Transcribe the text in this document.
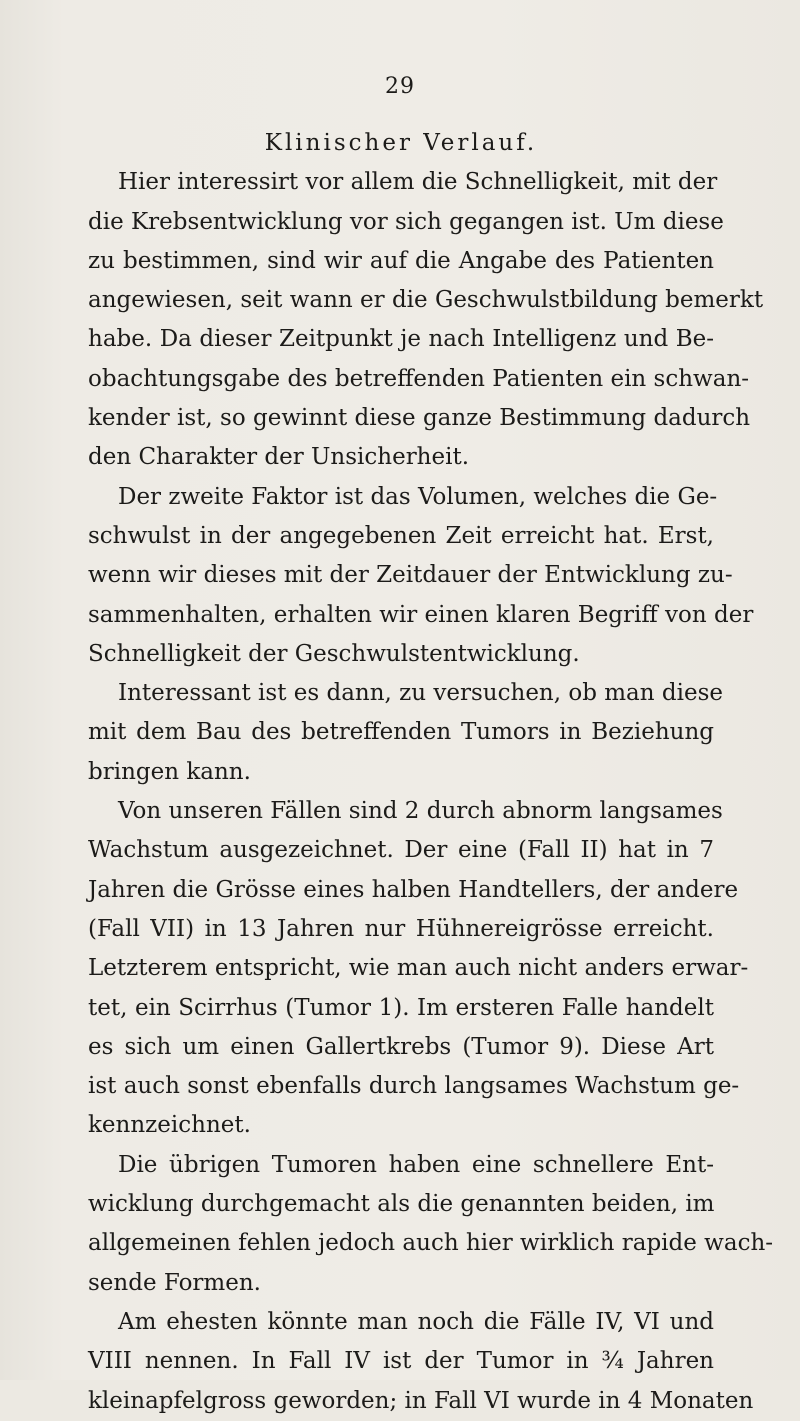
29
Klinischer Verlauf.
Hier interessirt vor allem die Schnelligkeit, mit der
die Krebsentwicklung vor sich gegangen ist. Um diese
zu bestimmen, sind wir auf die Angabe des Patienten
angewiesen, seit wann er die Geschwulstbildung bemerkt
habe. Da dieser Zeitpunkt je nach Intelligenz und Be-
obachtungsgabe des betreffenden Patienten ein schwan-
kender ist, so gewinnt diese ganze Bestimmung dadurch
den Charakter der Unsicherheit.
Der zweite Faktor ist das Volumen, welches die Ge-
schwulst in der angegebenen Zeit erreicht hat. Erst,
wenn wir dieses mit der Zeitdauer der Entwicklung zu-
sammenhalten, erhalten wir einen klaren Begriff von der
Schnelligkeit der Geschwulstentwicklung.
Interessant ist es dann, zu versuchen, ob man diese
mit dem Bau des betreffenden Tumors in Beziehung
bringen kann.
Von unseren Fällen sind 2 durch abnorm langsames
Wachstum ausgezeichnet. Der eine (Fall II) hat in 7
Jahren die Grösse eines halben Handtellers, der andere
(Fall VII) in 13 Jahren nur Hühnereigrösse erreicht.
Letzterem entspricht, wie man auch nicht anders erwar-
tet, ein Scirrhus (Tumor 1). Im ersteren Falle handelt
es sich um einen Gallertkrebs (Tumor 9). Diese Art
ist auch sonst ebenfalls durch langsames Wachstum ge-
kennzeichnet.
Die übrigen Tumoren haben eine schnellere Ent-
wicklung durchgemacht als die genannten beiden, im
allgemeinen fehlen jedoch auch hier wirklich rapide wach-
sende Formen.
Am ehesten könnte man noch die Fälle IV, VI und
VIII nennen. In Fall IV ist der Tumor in ¾ Jahren
kleinapfelgross geworden; in Fall VI wurde in 4 Monaten
